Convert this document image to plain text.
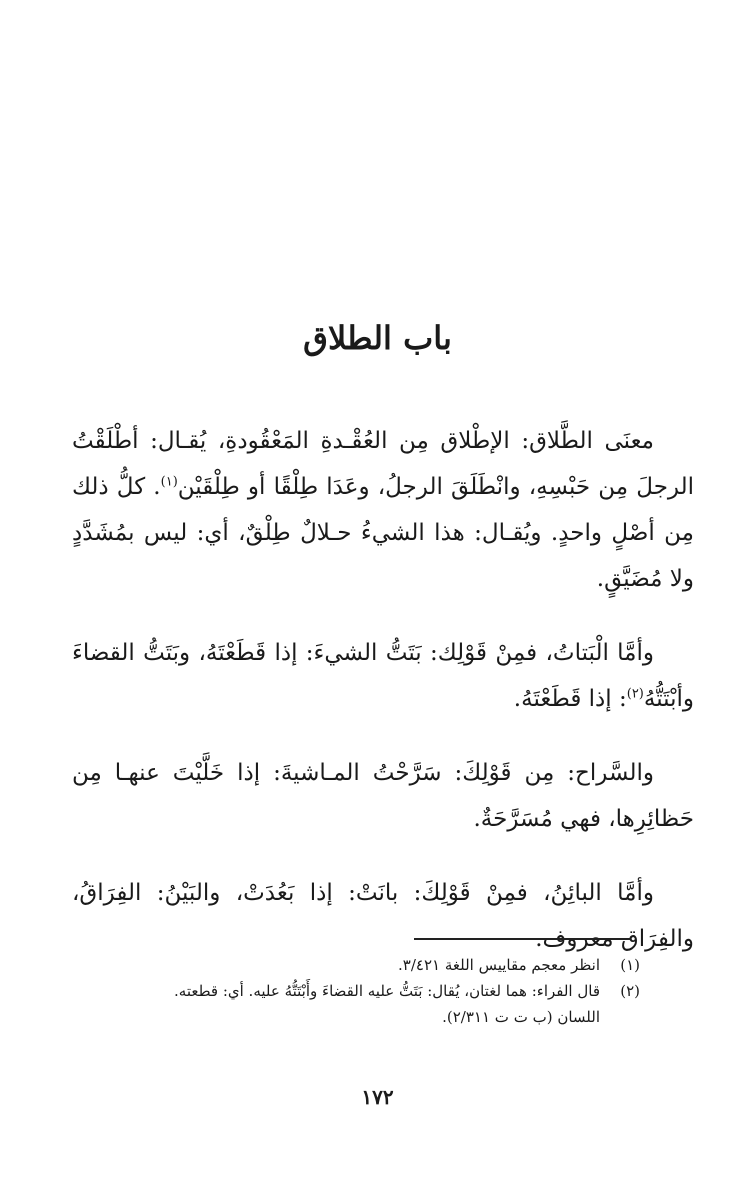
باب الطلاق

معنَى الطَّلاق: الإطْلاق مِن العُقْـدةِ المَعْقُودةِ، يُقـال: أطْلَقْتُ الرجلَ مِن حَبْسِهِ، وانْطَلَقَ الرجلُ، وعَدَا طِلْقًا أو طِلْقَيْن$^{(١)}$. كلُّ ذلك مِن أصْلٍ واحدٍ. ويُقـال: هذا الشيءُ حـلالٌ طِلْقٌ، أي: ليس بمُشَدَّدٍ ولا مُضَيَّقٍ.

وأمَّا الْبَتاتُ، فمِنْ قَوْلِك: بَتَتُّ الشيءَ: إذا قَطَعْتَهُ، وبَتَتُّ القضاءَ وأبْتَتُّهُ$^{(٢)}$: إذا قَطَعْتَهُ.

والسَّراح: مِن قَوْلِكَ: سَرَّحْتُ المـاشيةَ: إذا خَلَّيْتَ عنهـا مِن حَظائِرِها، فهي مُسَرَّحَةٌ.

وأمَّا البائِنُ، فمِنْ قَوْلِكَ: بانَتْ: إذا بَعُدَتْ، والبَيْنُ: الفِرَاقُ، والفِرَاق معروف.

(١)
انظر معجم مقاييس اللغة ٣/٤٢١.
(٢)
قال الفراء: هما لغتان، يُقال: بَتَتُّ عليه القضاءَ وأَبْتَتُّهُ عليه. أي: قطعته.
اللسان (ب ت ت ٢/٣١١).
١٧٢
